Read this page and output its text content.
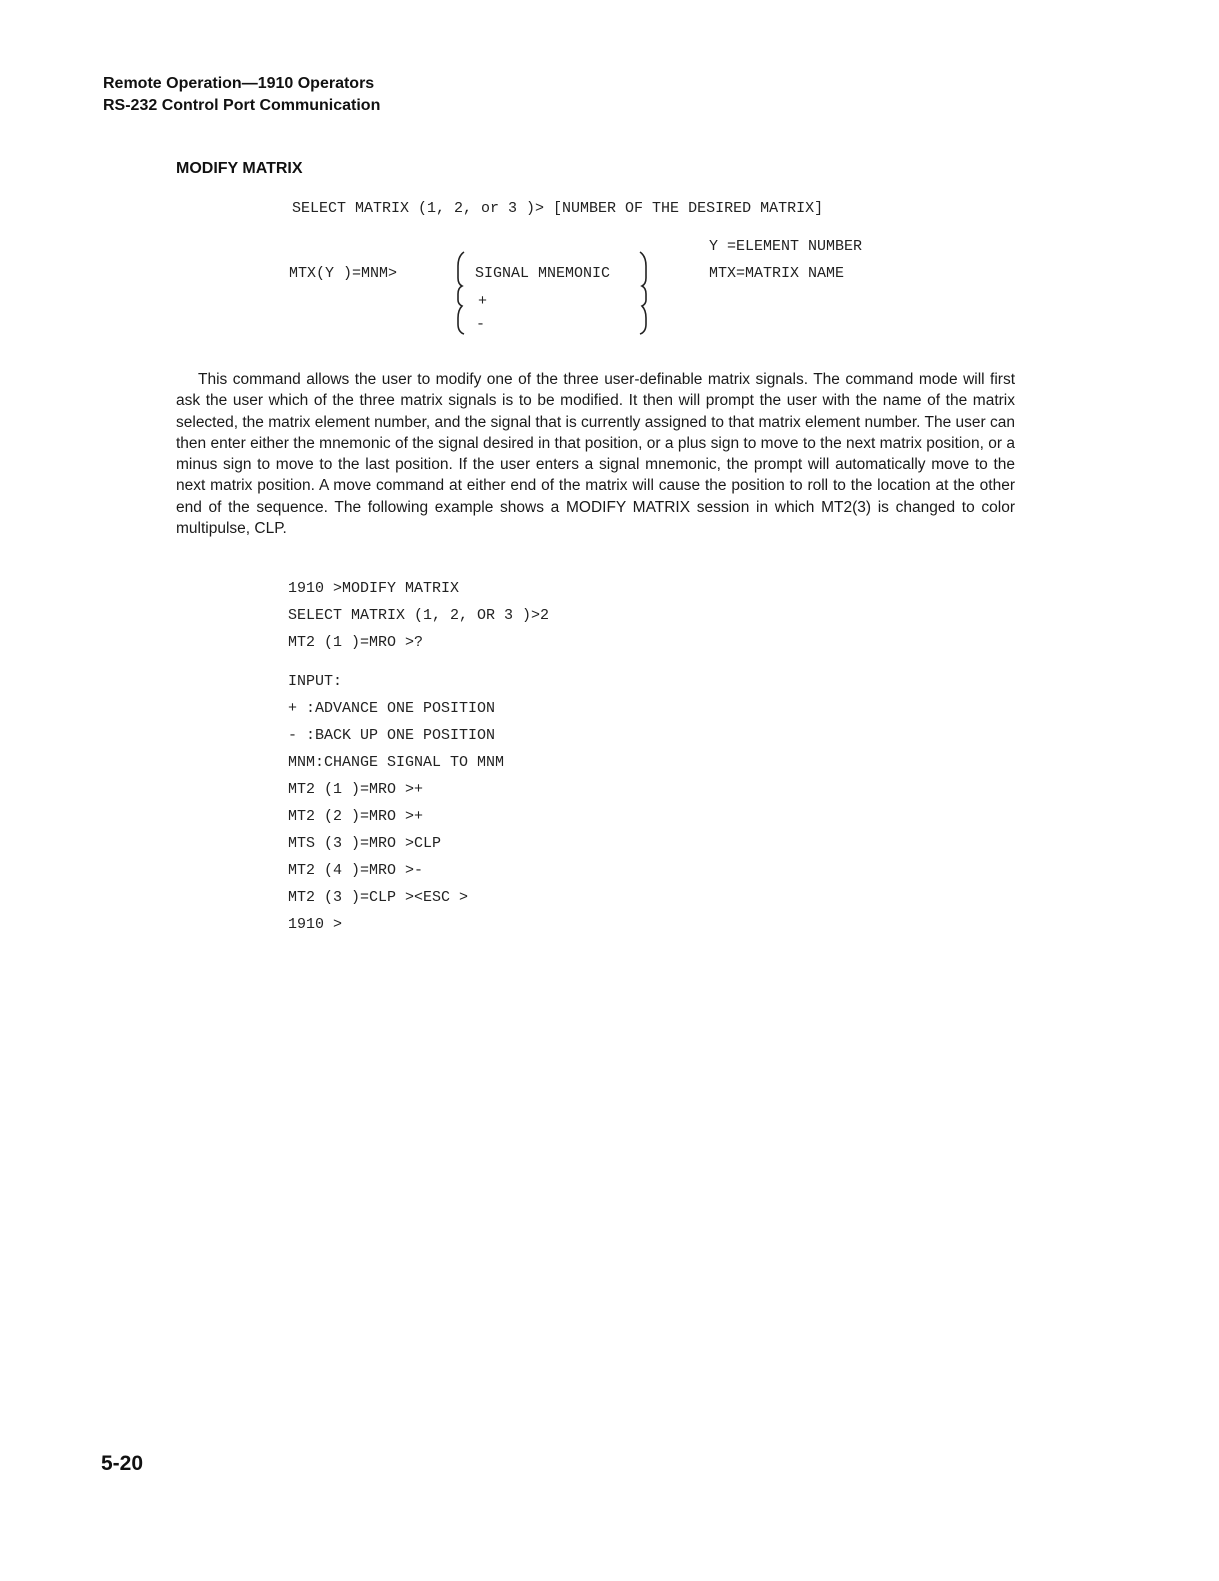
Remote Operation—1910 Operators
RS-232 Control Port Communication
MODIFY MATRIX
SELECT MATRIX (1, 2, or 3 )> [NUMBER OF THE DESIRED MATRIX]
MTX(Y )=MNM>	SIGNAL MNEMONIC
+
-
Y =ELEMENT NUMBER
MTX=MATRIX NAME

This command allows the user to modify one of the three user-definable matrix signals. The command mode will first ask the user which of the three matrix signals is to be modified. It then will prompt the user with the name of the matrix selected, the matrix element number, and the signal that is currently assigned to that matrix element number. The user can then enter either the mnemonic of the signal desired in that position, or a plus sign to move to the next matrix position, or a minus sign to move to the last position. If the user enters a signal mnemonic, the prompt will automatically move to the next matrix position. A move command at either end of the matrix will cause the position to roll to the location at the other end of the sequence. The following example shows a MODIFY MATRIX session in which MT2(3) is changed to color multipulse, CLP.

1910 >MODIFY MATRIX
SELECT MATRIX (1, 2, OR 3 )>2
MT2 (1 )=MRO >?
INPUT:
+ :ADVANCE ONE POSITION
- :BACK UP ONE POSITION
MNM:CHANGE SIGNAL TO MNM
MT2 (1 )=MRO >+
MT2 (2 )=MRO >+
MTS (3 )=MRO >CLP
MT2 (4 )=MRO >-
MT2 (3 )=CLP ><ESC >
1910 >
5-20
